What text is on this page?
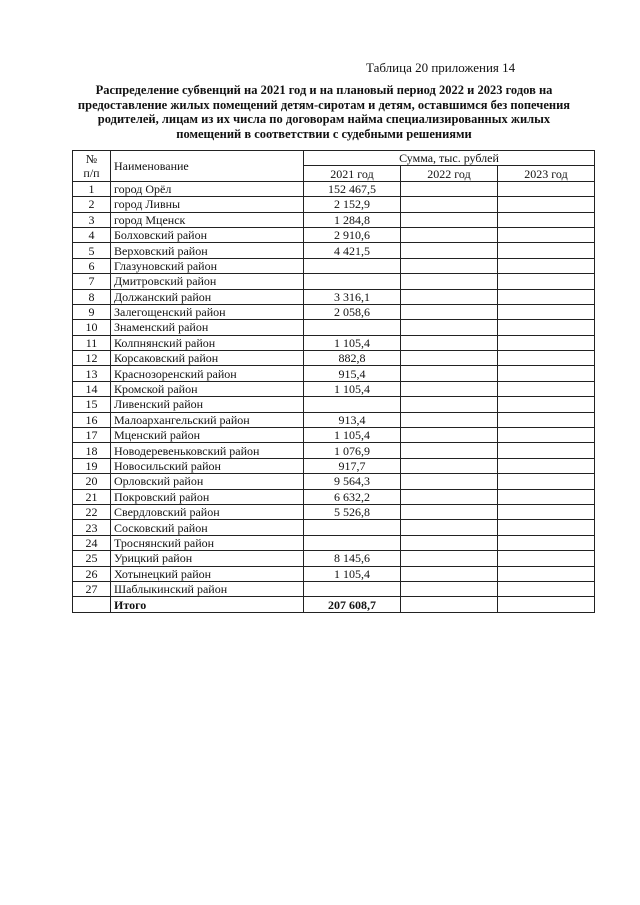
Таблица 20 приложения 14
Распределение субвенций на 2021 год и на плановый период 2022 и 2023 годов на
предоставление жилых помещений детям-сиротам и детям, оставшимся без попечения
родителей, лицам из их числа по договорам найма специализированных жилых
помещений в соответствии с судебными решениями
№
п/п	Наименование	Сумма, тыс. рублей		
		2021 год	2022 год	2023 год
1	город Орёл	152 467,5		
2	город Ливны	2 152,9		
3	город Мценск	1 284,8		
4	Болховский район	2 910,6		
5	Верховский район	4 421,5		
6	Глазуновский район			
7	Дмитровский район			
8	Должанский район	3 316,1		
9	Залегощенский район	2 058,6		
10	Знаменский район			
11	Колпнянский район	1 105,4		
12	Корсаковский район	882,8		
13	Краснозоренский район	915,4		
14	Кромской район	1 105,4		
15	Ливенский район			
16	Малоархангельский район	913,4		
17	Мценский район	1 105,4		
18	Новодеревеньковский район	1 076,9		
19	Новосильский район	917,7		
20	Орловский район	9 564,3		
21	Покровский район	6 632,2		
22	Свердловский район	5 526,8		
23	Сосковский район			
24	Троснянский район			
25	Урицкий район	8 145,6		
26	Хотынецкий район	1 105,4		
27	Шаблыкинский район			
	Итого	207 608,7		
